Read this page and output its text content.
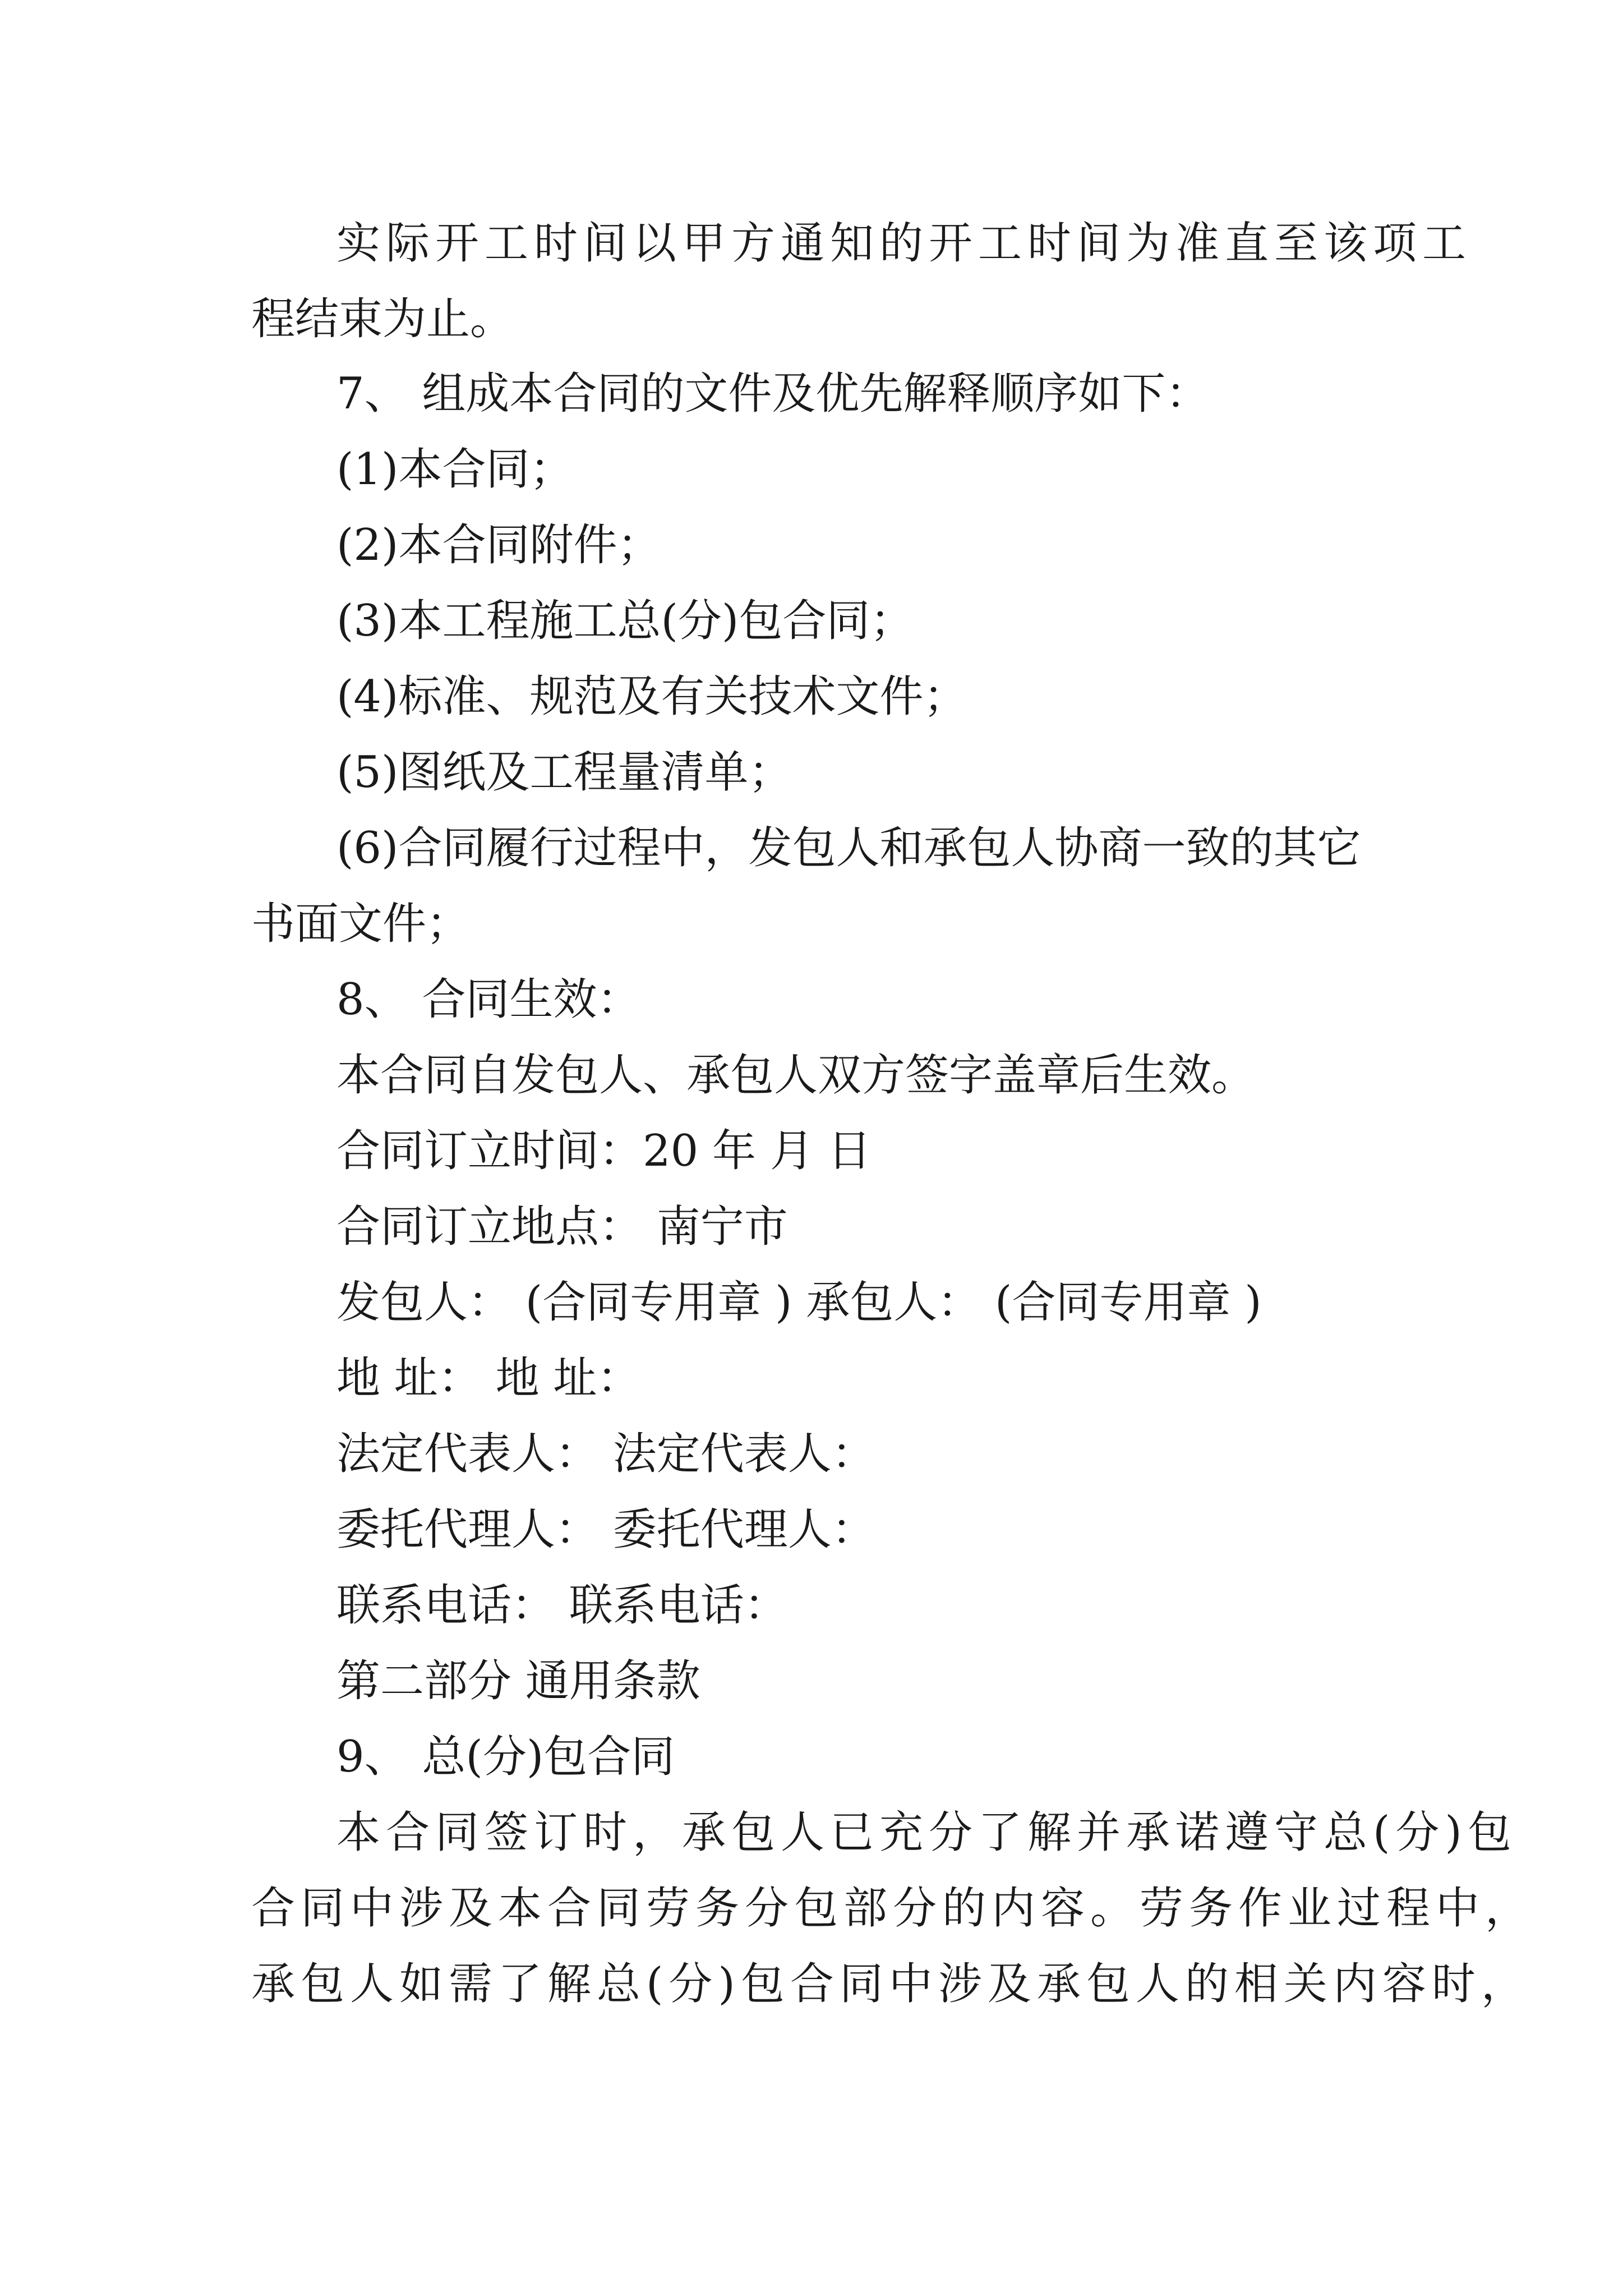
实际开工时间以甲方通知的开工时间为准直至该项工
程结束为止。
7、 组成本合同的文件及优先解释顺序如下：
(1)本合同；
(2)本合同附件；
(3)本工程施工总(分)包合同；
(4)标准、规范及有关技术文件；
(5)图纸及工程量清单；
(6)合同履行过程中，发包人和承包人协商一致的其它
书面文件；
8、 合同生效：
本合同自发包人、承包人双方签字盖章后生效。
合同订立时间：20 年 月 日
合同订立地点： 南宁市
发包人： (合同专用章 ) 承包人： (合同专用章 )
地 址： 地 址：
法定代表人： 法定代表人：
委托代理人： 委托代理人：
联系电话： 联系电话：
第二部分 通用条款
9、 总(分)包合同
本合同签订时，承包人已充分了解并承诺遵守总(分)包
合同中涉及本合同劳务分包部分的内容。劳务作业过程中，
承包人如需了解总(分)包合同中涉及承包人的相关内容时，
